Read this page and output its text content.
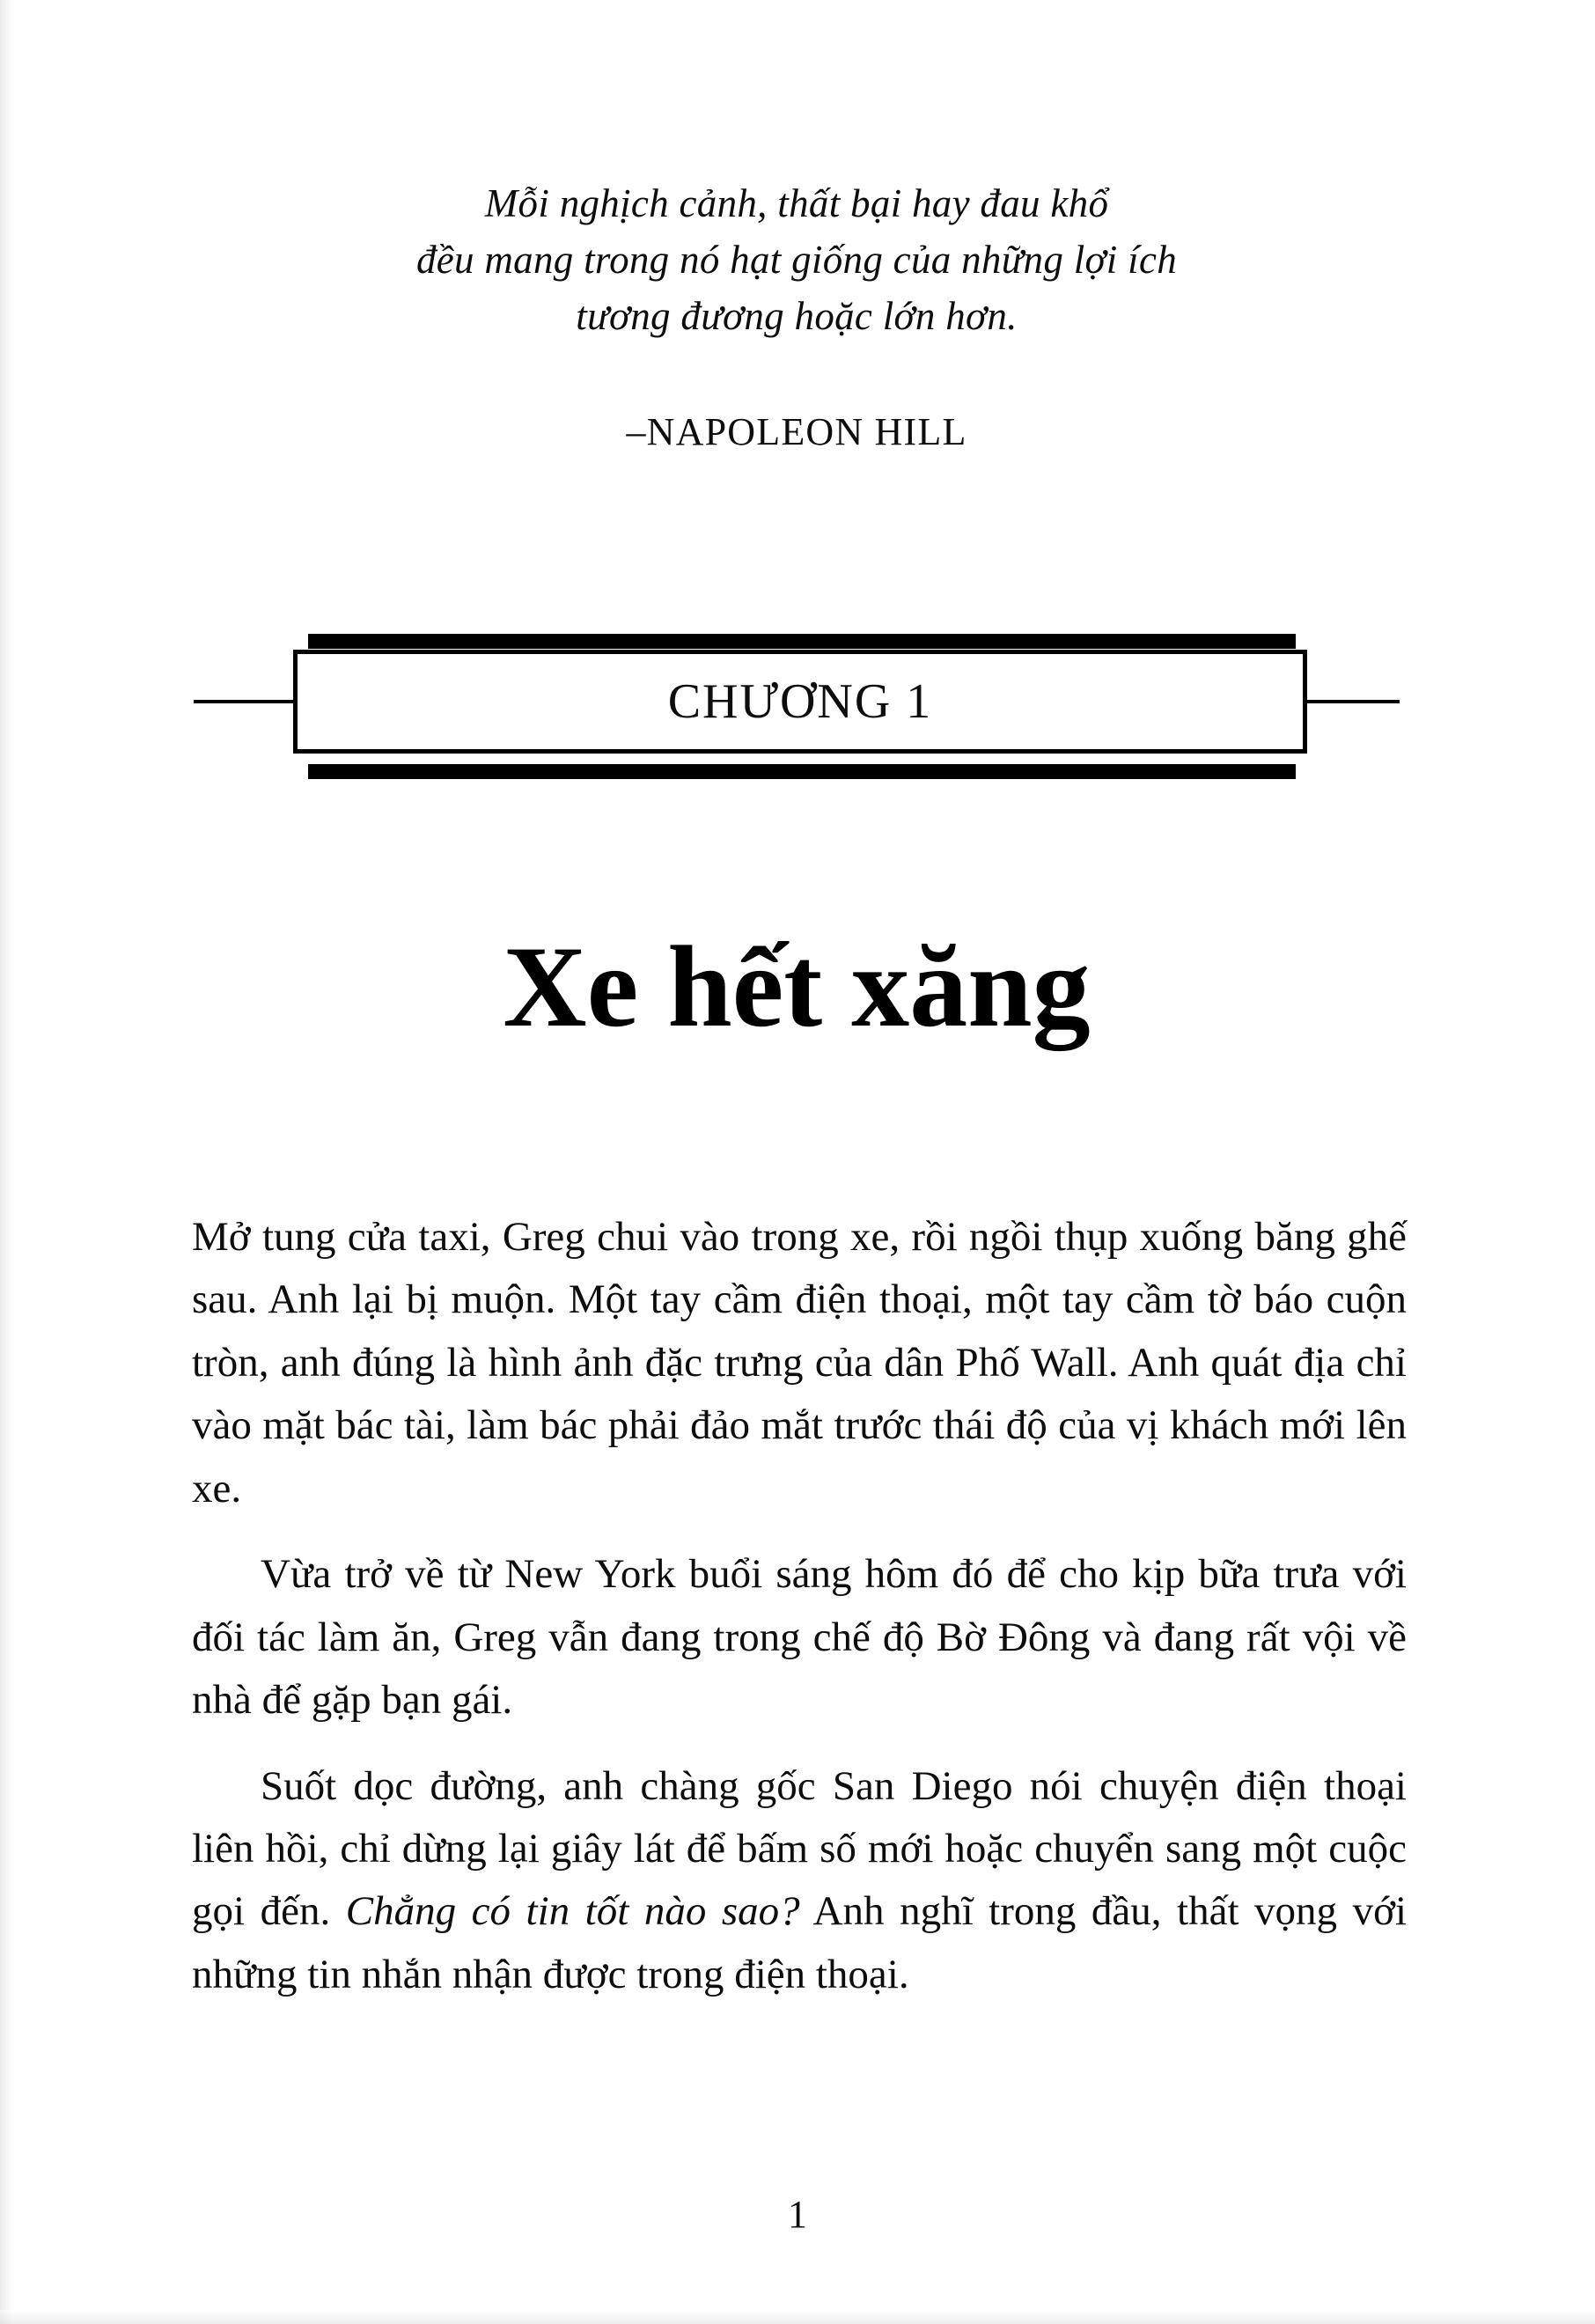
Mỗi nghịch cảnh, thất bại hay đau khổ
đều mang trong nó hạt giống của những lợi ích
tương đương hoặc lớn hơn.
–NAPOLEON HILL
CHƯƠNG 1
Xe hết xăng

Mở tung cửa taxi, Greg chui vào trong xe, rồi ngồi thụp xuống băng ghế sau. Anh lại bị muộn. Một tay cầm điện thoại, một tay cầm tờ báo cuộn tròn, anh đúng là hình ảnh đặc trưng của dân Phố Wall. Anh quát địa chỉ vào mặt bác tài, làm bác phải đảo mắt trước thái độ của vị khách mới lên xe.

Vừa trở về từ New York buổi sáng hôm đó để cho kịp bữa trưa với đối tác làm ăn, Greg vẫn đang trong chế độ Bờ Đông và đang rất vội về nhà để gặp bạn gái.

Suốt dọc đường, anh chàng gốc San Diego nói chuyện điện thoại liên hồi, chỉ dừng lại giây lát để bấm số mới hoặc chuyển sang một cuộc gọi đến. Chẳng có tin tốt nào sao? Anh nghĩ trong đầu, thất vọng với những tin nhắn nhận được trong điện thoại.

1
